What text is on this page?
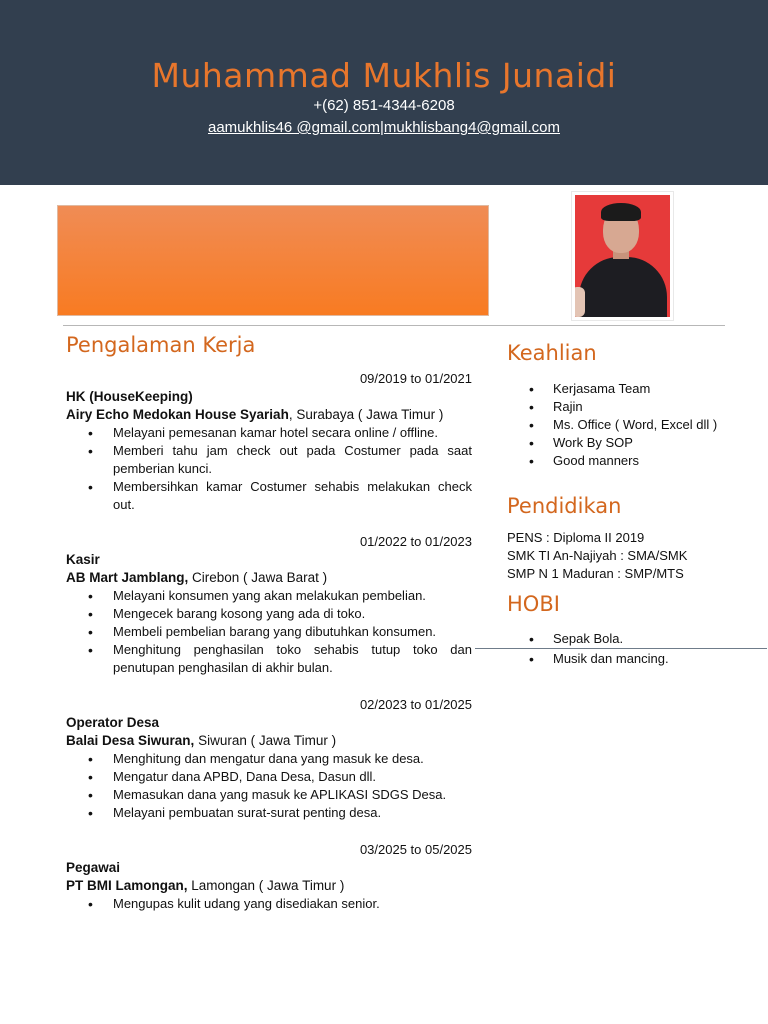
Muhammad Mukhlis Junaidi
+(62) 851-4344-6208
aamukhlis46 @gmail.com|mukhlisbang4@gmail.com
Pengalaman Kerja
09/2019 to 01/2021
HK (HouseKeeping)
Airy Echo Medokan House Syariah, Surabaya ( Jawa Timur )
• Melayani pemesanan kamar hotel secara online / offline.
• Memberi tahu jam check out pada Costumer pada saat pemberian kunci.
• Membersihkan kamar Costumer sehabis melakukan check out.
01/2022 to 01/2023
Kasir
AB Mart Jamblang, Cirebon ( Jawa Barat )
• Melayani konsumen yang akan melakukan pembelian.
• Mengecek barang kosong yang ada di toko.
• Membeli pembelian barang yang dibutuhkan konsumen.
• Menghitung penghasilan toko sehabis tutup toko dan penutupan penghasilan di akhir bulan.
02/2023 to 01/2025
Operator Desa
Balai Desa Siwuran, Siwuran ( Jawa Timur )
• Menghitung dan mengatur dana yang masuk ke desa.
• Mengatur dana APBD, Dana Desa, Dasun dll.
• Memasukan dana yang masuk ke APLIKASI SDGS Desa.
• Melayani pembuatan surat-surat penting desa.
03/2025 to 05/2025
Pegawai
PT BMI Lamongan, Lamongan ( Jawa Timur )
• Mengupas kulit udang yang disediakan senior.
Keahlian
• Kerjasama Team
• Rajin
• Ms. Office ( Word, Excel dll )
• Work By SOP
• Good manners
Pendidikan
PENS : Diploma II 2019
SMK TI An-Najiyah : SMA/SMK
SMP N 1 Maduran : SMP/MTS
HOBI
• Sepak Bola.
• Musik dan mancing.
